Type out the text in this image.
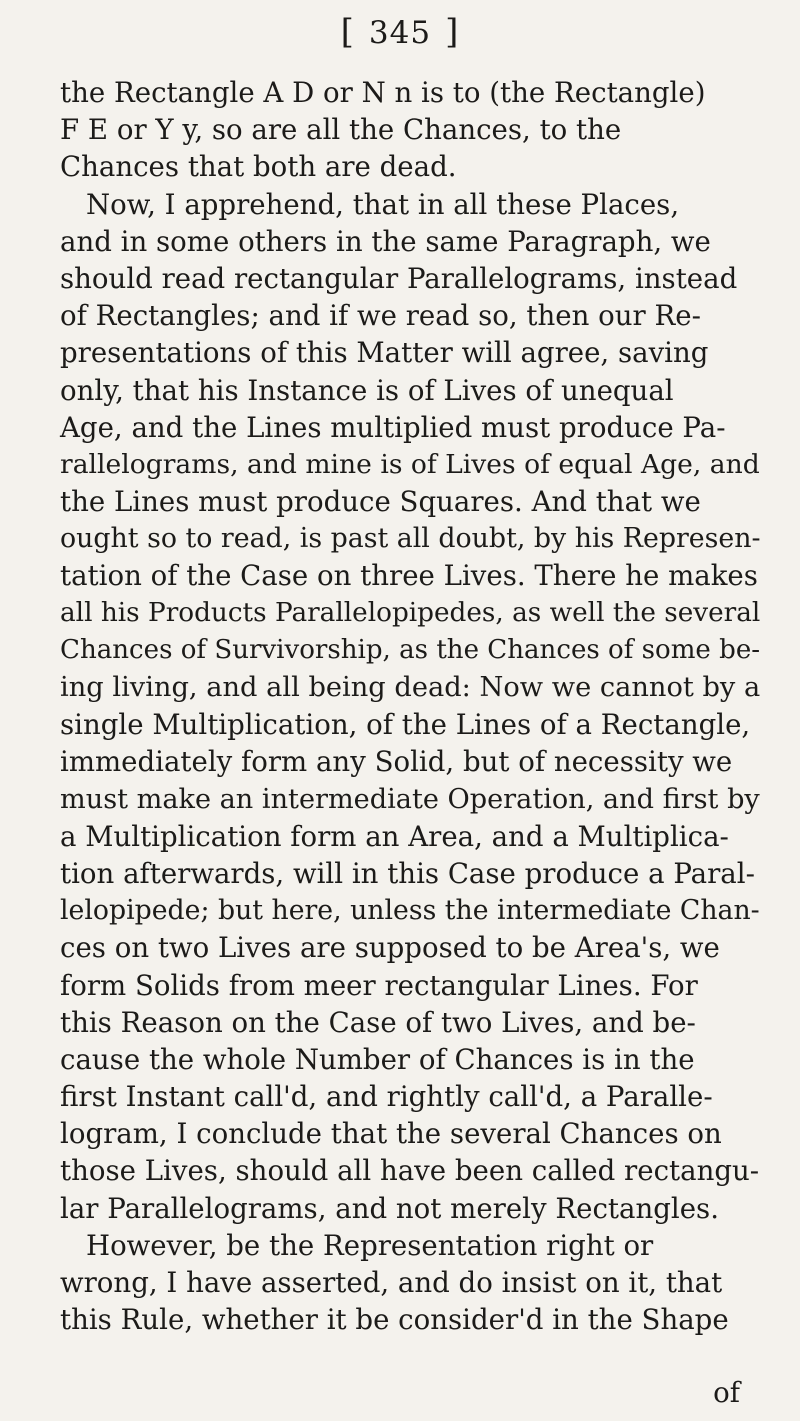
[ 345 ]
the Rectangle A D or N n is to (the Rectangle)
F E or Y y, so are all the Chances, to the
Chances that both are dead.
Now, I apprehend, that in all these Places,
and in some others in the same Paragraph, we
should read rectangular Parallelograms, instead
of Rectangles; and if we read so, then our Re-
presentations of this Matter will agree, saving
only, that his Instance is of Lives of unequal
Age, and the Lines multiplied must produce Pa-
rallelograms, and mine is of Lives of equal Age, and
the Lines must produce Squares. And that we
ought so to read, is past all doubt, by his Represen-
tation of the Case on three Lives. There he makes
all his Products Parallelopipedes, as well the several
Chances of Survivorship, as the Chances of some be-
ing living, and all being dead: Now we cannot by a
single Multiplication, of the Lines of a Rectangle,
immediately form any Solid, but of necessity we
must make an intermediate Operation, and first by
a Multiplication form an Area, and a Multiplica-
tion afterwards, will in this Case produce a Paral-
lelopipede; but here, unless the intermediate Chan-
ces on two Lives are supposed to be Area's, we
form Solids from meer rectangular Lines. For
this Reason on the Case of two Lives, and be-
cause the whole Number of Chances is in the
first Instant call'd, and rightly call'd, a Paralle-
logram, I conclude that the several Chances on
those Lives, should all have been called rectangu-
lar Parallelograms, and not merely Rectangles.
However, be the Representation right or
wrong, I have asserted, and do insist on it, that
this Rule, whether it be consider'd in the Shape
of
